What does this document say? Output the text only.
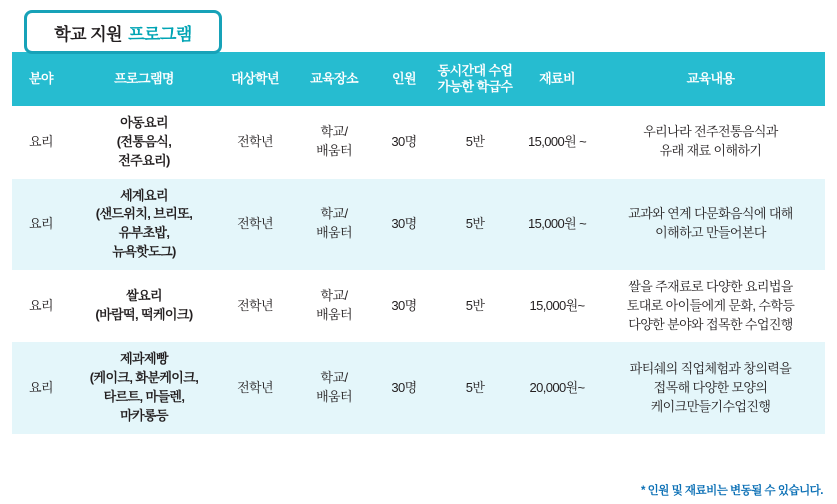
학교 지원 프로그램
분야	프로그램명	대상학년	교육장소	인원	동시간대 수업
가능한 학급수	재료비	교육내용
요리	아동요리
(전통음식,
전주요리)	전학년	학교/
배움터	30명	5반	15,000원 ~	우리나라 전주전통음식과
유래 재료 이해하기
요리	세계요리
(샌드위치, 브리또,
유부초밥,
뉴욕핫도그)	전학년	학교/
배움터	30명	5반	15,000원 ~	교과와 연계 다문화음식에 대해
이해하고 만들어본다
요리	쌀요리
(바람떡, 떡케이크)	전학년	학교/
배움터	30명	5반	15,000원~	쌀을 주재료로 다양한 요리법을
토대로 아이들에게 문화, 수학등
다양한 분야와 접목한 수업진행
요리	제과제빵
(케이크, 화분케이크,
타르트, 마들렌,
마카롱등	전학년	학교/
배움터	30명	5반	20,000원~	파티쉐의 직업체험과 창의력을
접목해 다양한 모양의
케이크만들기수업진행
* 인원 및 재료비는 변동될 수 있습니다.
